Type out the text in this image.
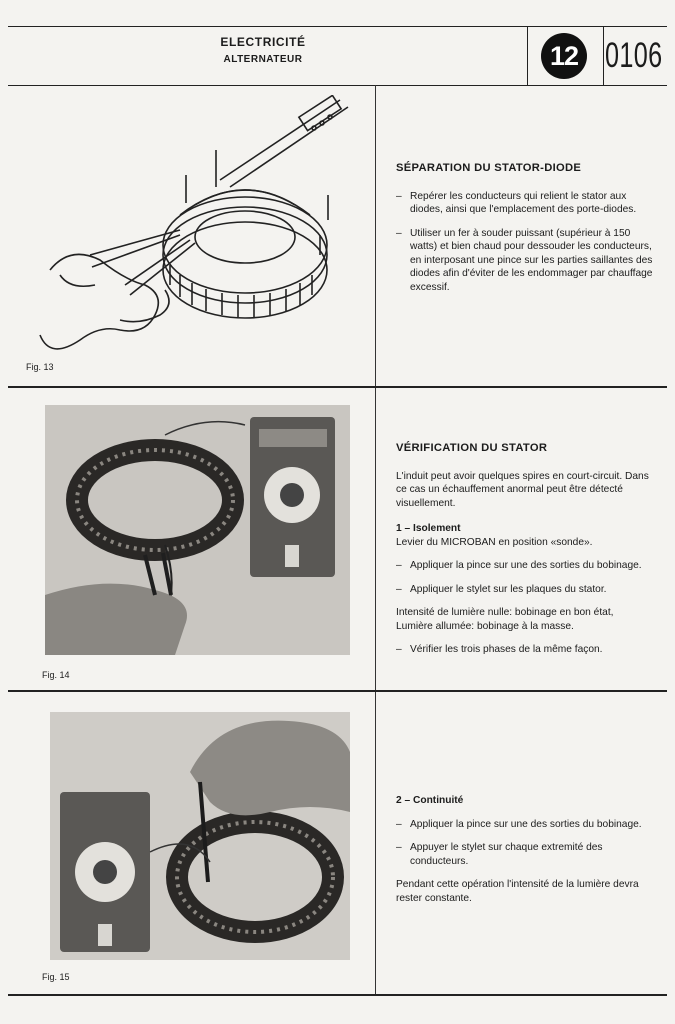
ELECTRICITÉ
ALTERNATEUR	12 0106
Fig. 13
SÉPARATION DU STATOR-DIODE
– Repérer les conducteurs qui relient le stator aux diodes, ainsi que l'emplacement des porte-diodes.
– Utiliser un fer à souder puissant (supérieur à 150 watts) et bien chaud pour dessouder les conducteurs, en interposant une pince sur les parties saillantes des diodes afin d'éviter de les endommager par chauffage excessif.
Fig. 14
VÉRIFICATION DU STATOR

L'induit peut avoir quelques spires en court-circuit. Dans ce cas un échauffement anormal peut être détecté visuellement.

1 – Isolement

Levier du MICROBAN en position «sonde».

– Appliquer la pince sur une des sorties du bobinage.
– Appliquer le stylet sur les plaques du stator.

Intensité de lumière nulle: bobinage en bon état,

Lumière allumée: bobinage à la masse.

– Vérifier les trois phases de la même façon.
Fig. 15

2 – Continuité

– Appliquer la pince sur une des sorties du bobinage.
– Appuyer le stylet sur chaque extremité des conducteurs.

Pendant cette opération l'intensité de la lumière devra rester constante.
